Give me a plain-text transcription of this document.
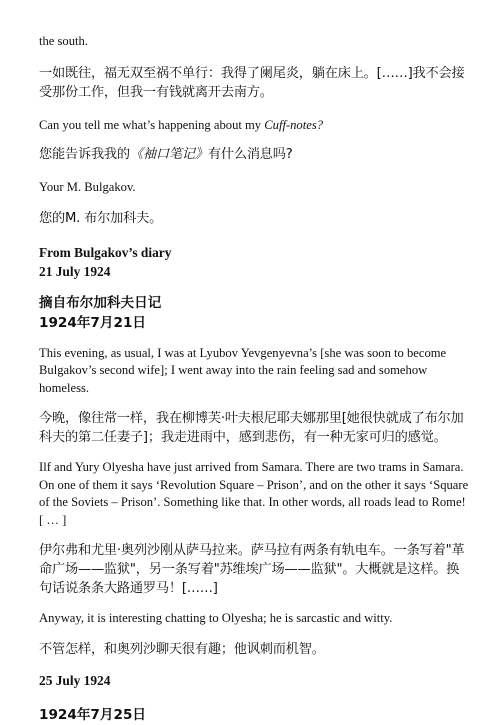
the south.

一如既往，福无双至祸不单行：我得了阑尾炎，躺在床上。[……]我不会接受那份工作，但我一有钱就离开去南方。

Can you tell me what’s happening about my Cuff-notes?

您能告诉我我的《袖口笔记》有什么消息吗?

Your M. Bulgakov.

您的M. 布尔加科夫。

From Bulgakov’s diary

21 July 1924

摘自布尔加科夫日记

1924年7月21日

This evening, as usual, I was at Lyubov Yevgenyevna’s [she was soon to become Bulgakov’s second wife]; I went away into the rain feeling sad and somehow homeless.

今晚，像往常一样，我在柳博芙·叶夫根尼耶夫娜那里[她很快就成了布尔加科夫的第二任妻子]；我走进雨中，感到悲伤，有一种无家可归的感觉。

Ilf and Yury Olyesha have just arrived from Samara. There are two trams in Samara. On one of them it says ‘Revolution Square – Prison’, and on the other it says ‘Square of the Soviets – Prison’. Something like that. In other words, all roads lead to Rome! [ … ]

伊尔弗和尤里·奥列沙刚从萨马拉来。萨马拉有两条有轨电车。一条写着"革命广场——监狱"，另一条写着"苏维埃广场——监狱"。大概就是这样。换句话说条条大路通罗马！[……]

Anyway, it is interesting chatting to Olyesha; he is sarcastic and witty.

不管怎样，和奥列沙聊天很有趣；他讽刺而机智。

25 July 1924

1924年7月25日
